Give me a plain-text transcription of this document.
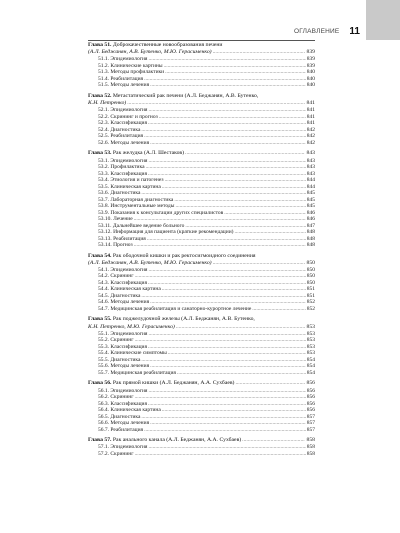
ОГЛАВЛЕНИЕ 11
Глава 51. Доброкачественные новообразования печени
(А.Л. Беджанян, А.В. Бутенко, М.Ю. Герасименко) .....	839
51.1. Эпидемиология .....	839
51.2. Клинические картины .....	839
51.3. Методы профилактики .....	840
51.4. Реабилитация .....	840
51.5. Методы лечения .....	840
Глава 52. Метастатический рак печени (А.Л. Беджанян, А.В. Бутенко,
К.Н. Петренко) .....	841
52.1. Эпидемиология .....	841
52.2. Скрининг и прогноз .....	841
52.3. Классификация .....	841
52.4. Диагностика .....	842
52.5. Реабилитация .....	842
52.6. Методы лечения .....	842
Глава 53. Рак желудка (А.Л. Шестаков) .....	843
53.1. Эпидемиология .....	843
53.2. Профилактика .....	843
53.3. Классификация .....	843
53.4. Этиология и патогенез .....	844
53.5. Клиническая картина .....	844
53.6. Диагностика .....	845
53.7. Лабораторная диагностика .....	845
53.8. Инструментальные методы .....	845
53.9. Показания к консультации других специалистов .....	846
53.10. Лечение .....	846
53.11. Дальнейшее ведение больного .....	847
53.12. Информация для пациента (краткие рекомендации) .....	848
53.13. Реабилитация .....	848
53.14. Прогноз .....	848
Глава 54. Рак ободочной кишки и рак ректосигмоидного соединения
(А.Л. Беджанян, А.В. Бутенко, М.Ю. Герасименко) .....	850
54.1. Эпидемиология .....	850
54.2. Скрининг .....	850
54.3. Классификация .....	850
54.4. Клиническая картина .....	851
54.5. Диагностика .....	851
54.6. Методы лечения .....	852
54.7. Медицинская реабилитация и санаторно-курортное лечение .....	852
Глава 55. Рак поджелудочной железы (А.Л. Беджанян, А.В. Бутенко,
К.Н. Петренко, М.Ю. Герасименко) .....	853
55.1. Эпидемиология .....	853
55.2. Скрининг .....	853
55.3. Классификация .....	853
55.4. Клинические симптомы .....	853
55.5. Диагностика .....	854
55.6. Методы лечения .....	854
55.7. Медицинская реабилитация .....	854
Глава 56. Рак прямой кишки (А.Л. Беджанян, А.А. Сухбаев) .....	856
56.1. Эпидемиология .....	856
56.2. Скрининг .....	856
56.3. Классификация .....	856
56.4. Клиническая картина .....	856
56.5. Диагностика .....	857
56.6. Методы лечения .....	857
56.7. Реабилитация .....	857
Глава 57. Рак анального канала (А.Л. Беджанян, А.А. Сухбаев) .....	858
57.1. Эпидемиология .....	858
57.2. Скрининг .....	858
